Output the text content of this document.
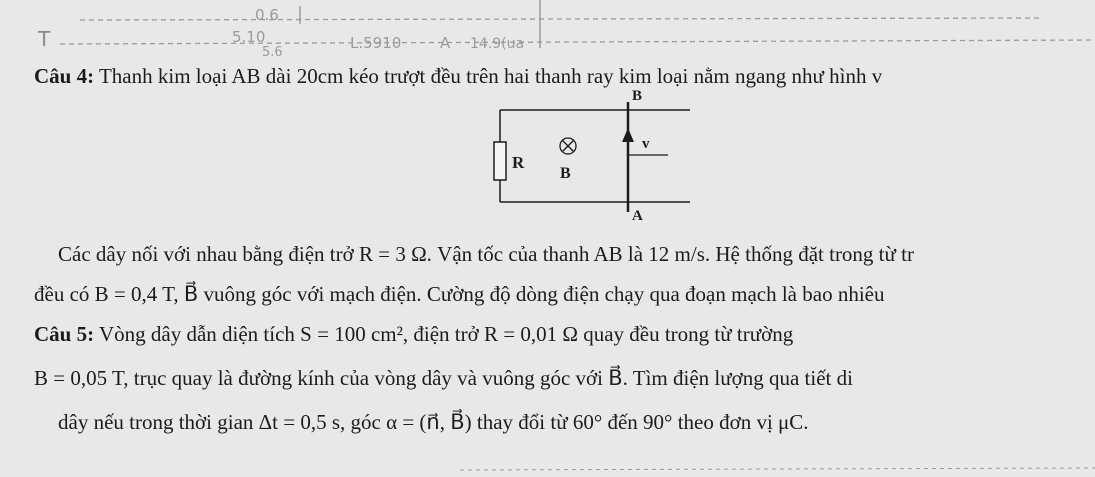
T
0.6
5.10
5.6
L.5910	A 14.9(ua
Câu 4: Thanh kim loại AB dài 20cm kéo trượt đều trên hai thanh ray kim loại nằm ngang như hình v
B
A
R
v⃗
B⃗
Các dây nối với nhau bằng điện trở R = 3 Ω. Vận tốc của thanh AB là 12 m/s. Hệ thống đặt trong từ tr
đều có B = 0,4 T, B⃗ vuông góc với mạch điện. Cường độ dòng điện chạy qua đoạn mạch là bao nhiêu
Câu 5: Vòng dây dẫn diện tích S = 100 cm², điện trở R = 0,01 Ω quay đều trong từ trường
B = 0,05 T, trục quay là đường kính của vòng dây và vuông góc với B⃗. Tìm điện lượng qua tiết di
dây nếu trong thời gian Δt = 0,5 s, góc α = (n⃗, B⃗) thay đổi từ 60° đến 90° theo đơn vị μC.
